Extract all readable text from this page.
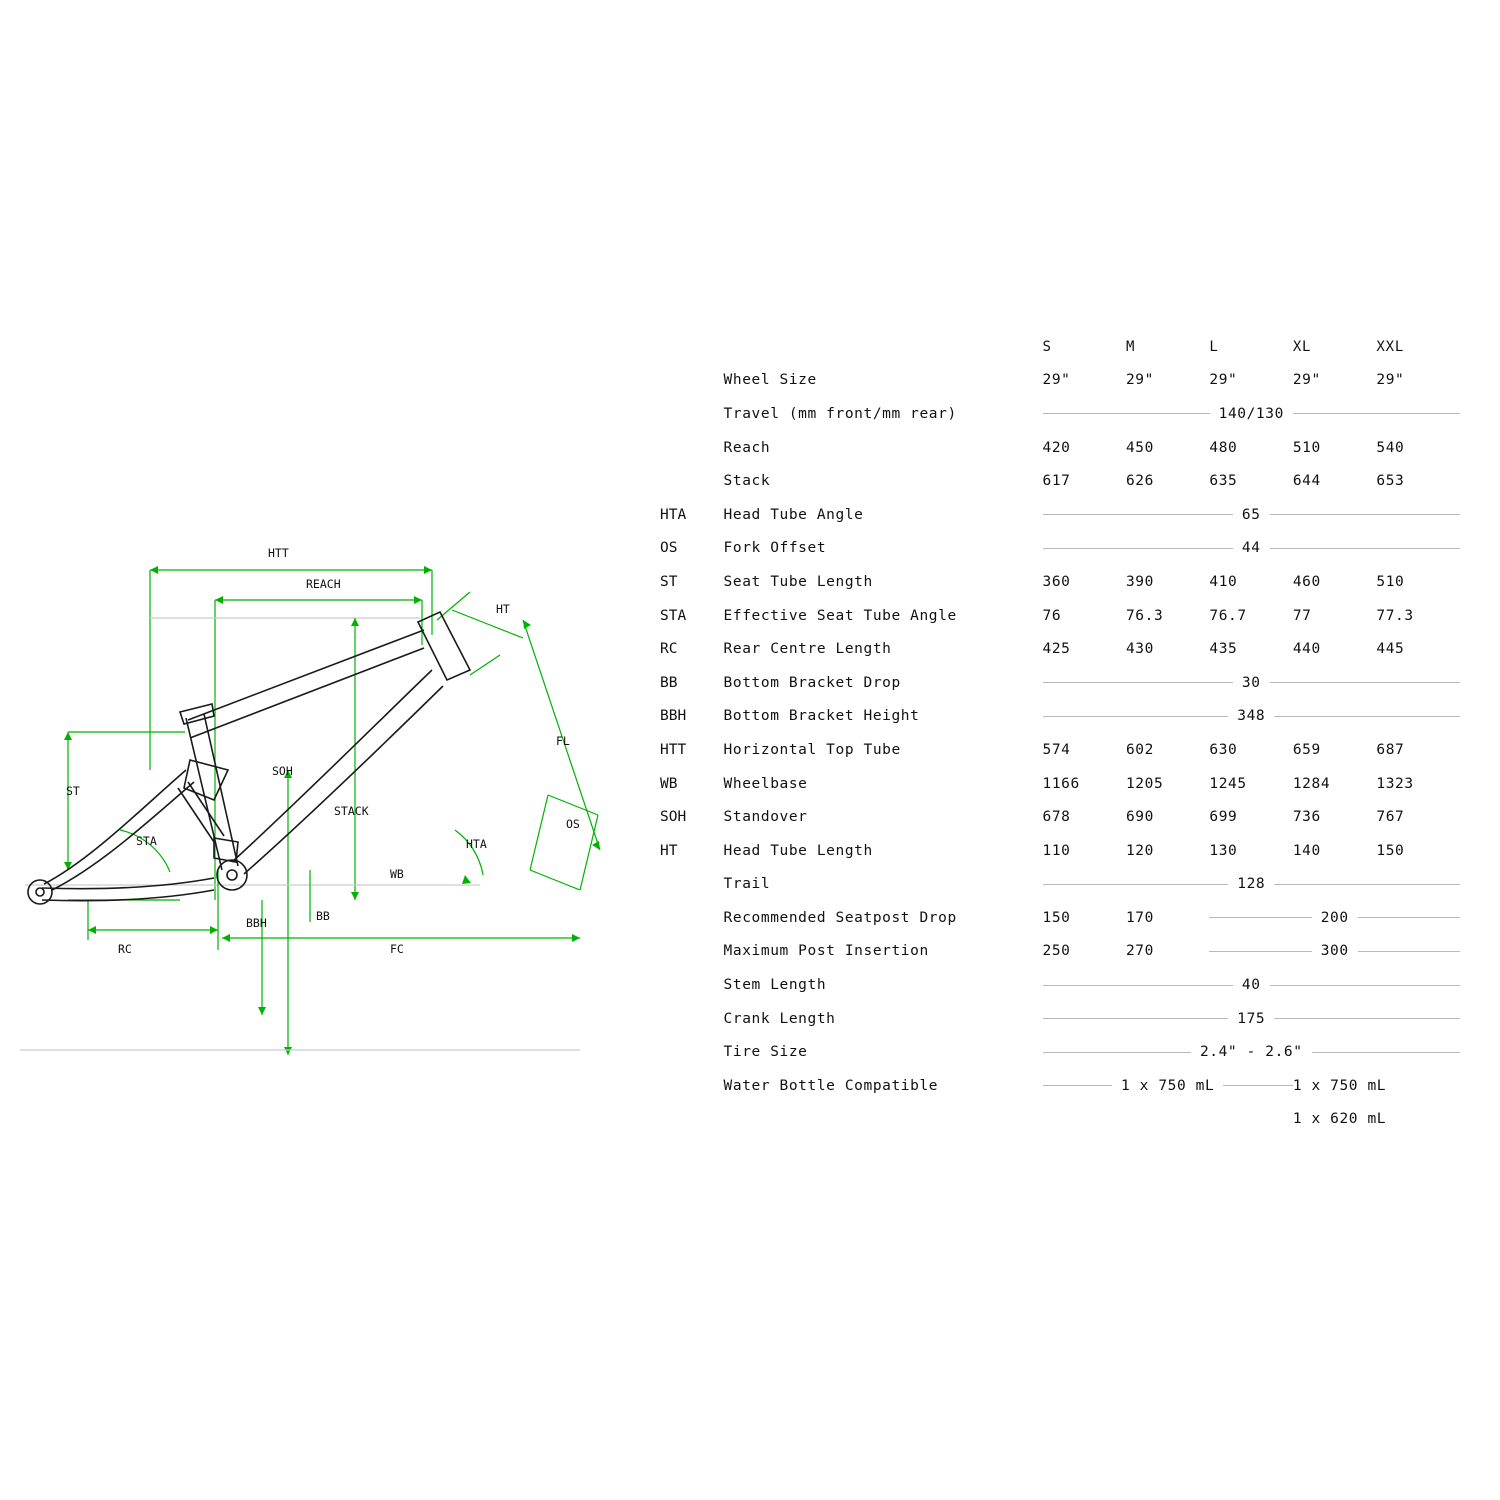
HTT
REACH
HT
FL
OS
HTA
ST
STA
SOH
STACK
WB
BB
BBH
RC	FC
		S	M	L	XL	XXL
	Wheel Size	29"	29"	29"	29"	29"
	Travel (mm front/mm rear)	140/130				

	Reach	420	450	480	510	540
	Stack	617	626	635	644	653
HTA	Head Tube Angle	65				

OS	Fork Offset	44				

ST	Seat Tube Length	360	390	410	460	510
STA	Effective Seat Tube Angle	76	76.3	76.7	77	77.3
RC	Rear Centre Length	425	430	435	440	445
BB	Bottom Bracket Drop	30				

BBH	Bottom Bracket Height	348				

HTT	Horizontal Top Tube	574	602	630	659	687
WB	Wheelbase	1166	1205	1245	1284	1323
SOH	Standover	678	690	699	736	767
HT	Head Tube Length	110	120	130	140	150
	Trail	128				

	Recommended Seatpost Drop	150	170	200		

	Maximum Post Insertion	250	270	300		

	Stem Length	40				

	Crank Length	175				

	Tire Size	2.4" - 2.6"				

	Water Bottle Compatible	1 x 750 mL			1 x 750 mL	

					1 x 620 mL	
